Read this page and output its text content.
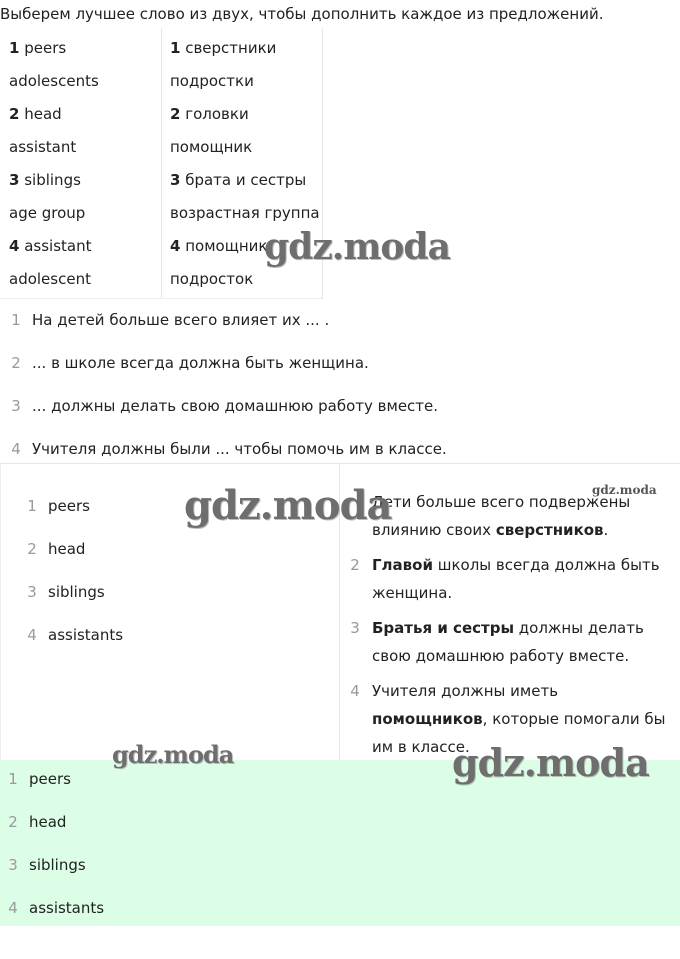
Выберем лучшее слово из двух, чтобы дополнить каждое из предложений.
1 peers
adolescents
2 head
assistant
3 siblings
age group
4 assistant
adolescent
1 сверстники
подростки
2 головки
помощник
3 брата и сестры
возрастная группа
4 помощник
подросток
1 На детей больше всего влияет их ... .
2 ... в школе всегда должна быть женщина.
3 ... должны делать свою домашнюю работу вместе.
4 Учителя должны были ... чтобы помочь им в классе.
1 peers
2 head
3 siblings
4 assistants
Дети больше всего подвержены влиянию своих сверстников.
2 Главой школы всегда должна быть женщина.
3 Братья и сестры должны делать свою домашнюю работу вместе.
4 Учителя должны иметь помощников, которые помогали бы им в классе.
1 peers
2 head
3 siblings
4 assistants
gdz.moda
gdz.moda	gdz.moda
gdz.moda	gdz.moda
